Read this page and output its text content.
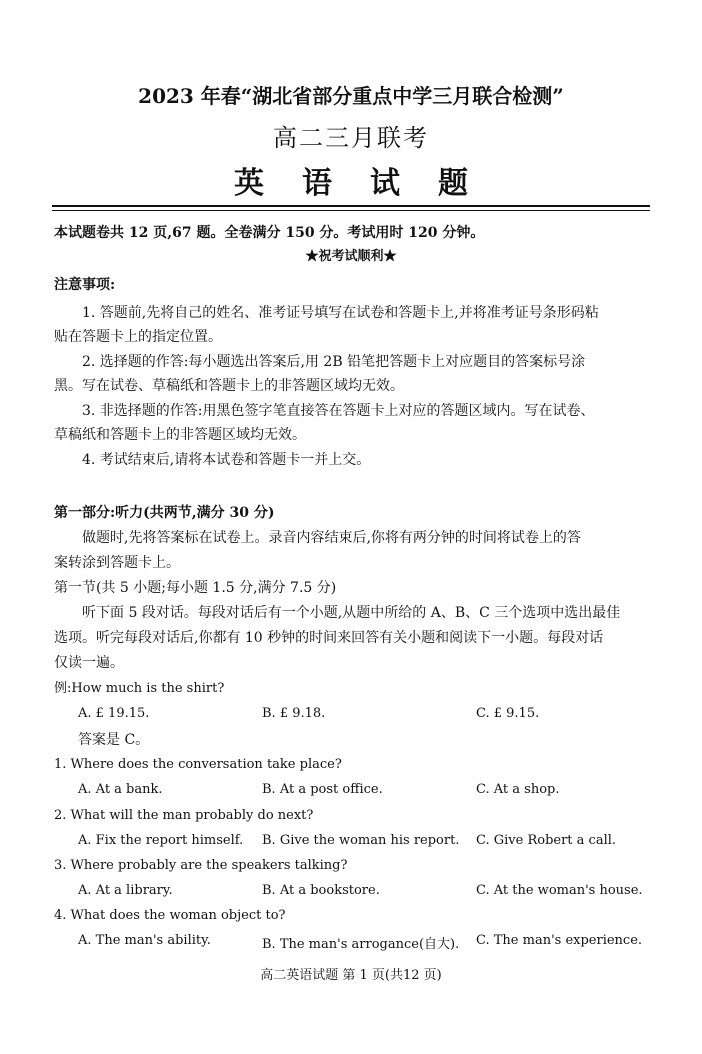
2023 年春“湖北省部分重点中学三月联合检测”
高二三月联考
英语试题
本试题卷共 12 页,67 题。全卷满分 150 分。考试用时 120 分钟。
★祝考试顺利★
注意事项:
1. 答题前,先将自己的姓名、准考证号填写在试卷和答题卡上,并将准考证号条形码粘
贴在答题卡上的指定位置。
2. 选择题的作答:每小题选出答案后,用 2B 铅笔把答题卡上对应题目的答案标号涂
黑。写在试卷、草稿纸和答题卡上的非答题区域均无效。
3. 非选择题的作答:用黑色签字笔直接答在答题卡上对应的答题区域内。写在试卷、
草稿纸和答题卡上的非答题区域均无效。
4. 考试结束后,请将本试卷和答题卡一并上交。
第一部分:听力(共两节,满分 30 分)
做题时,先将答案标在试卷上。录音内容结束后,你将有两分钟的时间将试卷上的答
案转涂到答题卡上。
第一节(共 5 小题;每小题 1.5 分,满分 7.5 分)
听下面 5 段对话。每段对话后有一个小题,从题中所给的 A、B、C 三个选项中选出最佳
选项。听完每段对话后,你都有 10 秒钟的时间来回答有关小题和阅读下一小题。每段对话
仅读一遍。
例:How much is the shirt?
A. £ 19.15.	B. £ 9.18.	C. £ 9.15.
答案是 C。
1. Where does the conversation take place?
A. At a bank.	B. At a post office.	C. At a shop.
2. What will the man probably do next?
A. Fix the report himself. B. Give the woman his report. C. Give Robert a call.
3. Where probably are the speakers talking?
A. At a library.	B. At a bookstore.	C. At the woman's house.
4. What does the woman object to?
A. The man's ability.	B. The man's arrogance(自大). C. The man's experience.
高二英语试题 第 1 页(共12 页)
